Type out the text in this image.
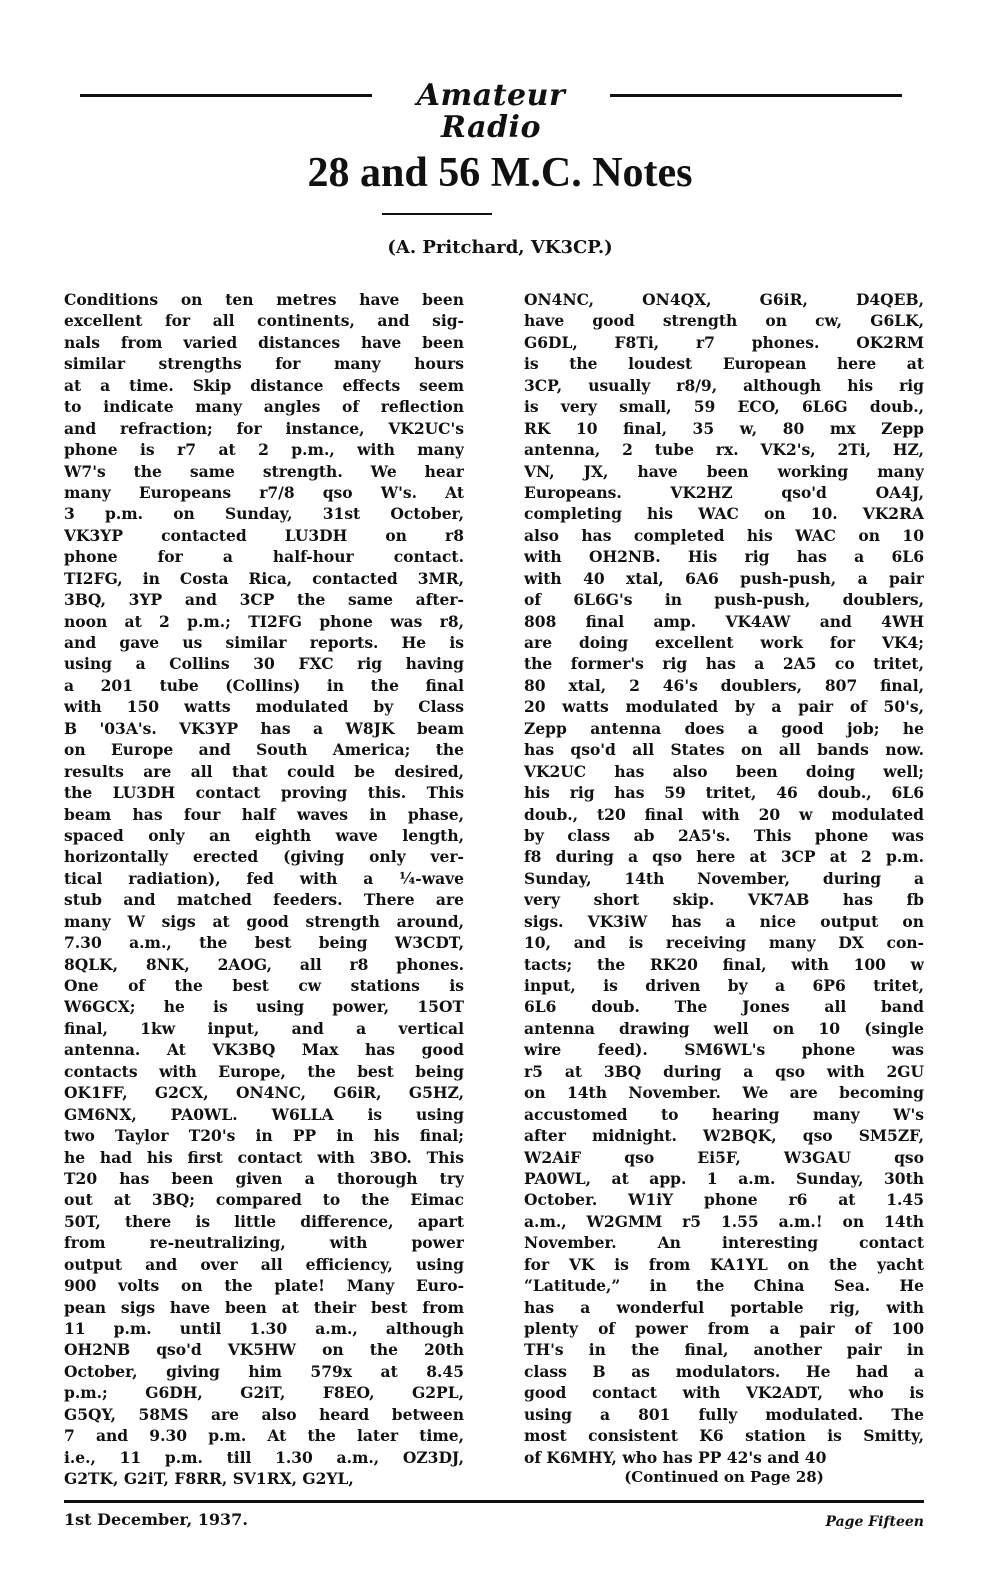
Amateur Radio
28 and 56 M.C. Notes
(A. Pritchard, VK3CP.)
Conditions on ten metres have been
excellent for all continents, and sig-
nals from varied distances have been
similar strengths for many hours
at a time. Skip distance effects seem
to indicate many angles of reflection
and refraction; for instance, VK2UC's
phone is r7 at 2 p.m., with many
W7's the same strength. We hear
many Europeans r7/8 qso W's. At
3 p.m. on Sunday, 31st October,
VK3YP contacted LU3DH on r8
phone for a half-hour contact.
TI2FG, in Costa Rica, contacted 3MR,
3BQ, 3YP and 3CP the same after-
noon at 2 p.m.; TI2FG phone was r8,
and gave us similar reports. He is
using a Collins 30 FXC rig having
a 201 tube (Collins) in the final
with 150 watts modulated by Class
B '03A's. VK3YP has a W8JK beam
on Europe and South America; the
results are all that could be desired,
the LU3DH contact proving this. This
beam has four half waves in phase,
spaced only an eighth wave length,
horizontally erected (giving only ver-
tical radiation), fed with a ¼-wave
stub and matched feeders. There are
many W sigs at good strength around,
7.30 a.m., the best being W3CDT,
8QLK, 8NK, 2AOG, all r8 phones.
One of the best cw stations is
W6GCX; he is using power, 15OT
final, 1kw input, and a vertical
antenna. At VK3BQ Max has good
contacts with Europe, the best being
OK1FF, G2CX, ON4NC, G6iR, G5HZ,
GM6NX, PA0WL. W6LLA is using
two Taylor T20's in PP in his final;
he had his first contact with 3BO. This
T20 has been given a thorough try
out at 3BQ; compared to the Eimac
50T, there is little difference, apart
from re-neutralizing, with power
output and over all efficiency, using
900 volts on the plate! Many Euro-
pean sigs have been at their best from
11 p.m. until 1.30 a.m., although
OH2NB qso'd VK5HW on the 20th
October, giving him 579x at 8.45
p.m.; G6DH, G2iT, F8EO, G2PL,
G5QY, 58MS are also heard between
7 and 9.30 p.m. At the later time,
i.e., 11 p.m. till 1.30 a.m., OZ3DJ,
G2TK, G2iT, F8RR, SV1RX, G2YL,
ON4NC, ON4QX, G6iR, D4QEB,
have good strength on cw, G6LK,
G6DL, F8Ti, r7 phones. OK2RM
is the loudest European here at
3CP, usually r8/9, although his rig
is very small, 59 ECO, 6L6G doub.,
RK 10 final, 35 w, 80 mx Zepp
antenna, 2 tube rx. VK2's, 2Ti, HZ,
VN, JX, have been working many
Europeans. VK2HZ qso'd OA4J,
completing his WAC on 10. VK2RA
also has completed his WAC on 10
with OH2NB. His rig has a 6L6
with 40 xtal, 6A6 push-push, a pair
of 6L6G's in push-push, doublers,
808 final amp. VK4AW and 4WH
are doing excellent work for VK4;
the former's rig has a 2A5 co tritet,
80 xtal, 2 46's doublers, 807 final,
20 watts modulated by a pair of 50's,
Zepp antenna does a good job; he
has qso'd all States on all bands now.
VK2UC has also been doing well;
his rig has 59 tritet, 46 doub., 6L6
doub., t20 final with 20 w modulated
by class ab 2A5's. This phone was
f8 during a qso here at 3CP at 2 p.m.
Sunday, 14th November, during a
very short skip. VK7AB has fb
sigs. VK3iW has a nice output on
10, and is receiving many DX con-
tacts; the RK20 final, with 100 w
input, is driven by a 6P6 tritet,
6L6 doub. The Jones all band
antenna drawing well on 10 (single
wire feed). SM6WL's phone was
r5 at 3BQ during a qso with 2GU
on 14th November. We are becoming
accustomed to hearing many W's
after midnight. W2BQK, qso SM5ZF,
W2AiF qso Ei5F, W3GAU qso
PA0WL, at app. 1 a.m. Sunday, 30th
October. W1iY phone r6 at 1.45
a.m., W2GMM r5 1.55 a.m.! on 14th
November. An interesting contact
for VK is from KA1YL on the yacht
“Latitude,” in the China Sea. He
has a wonderful portable rig, with
plenty of power from a pair of 100
TH's in the final, another pair in
class B as modulators. He had a
good contact with VK2ADT, who is
using a 801 fully modulated. The
most consistent K6 station is Smitty,
of K6MHY, who has PP 42's and 40
(Continued on Page 28)
1st December, 1937.	Page Fifteen
